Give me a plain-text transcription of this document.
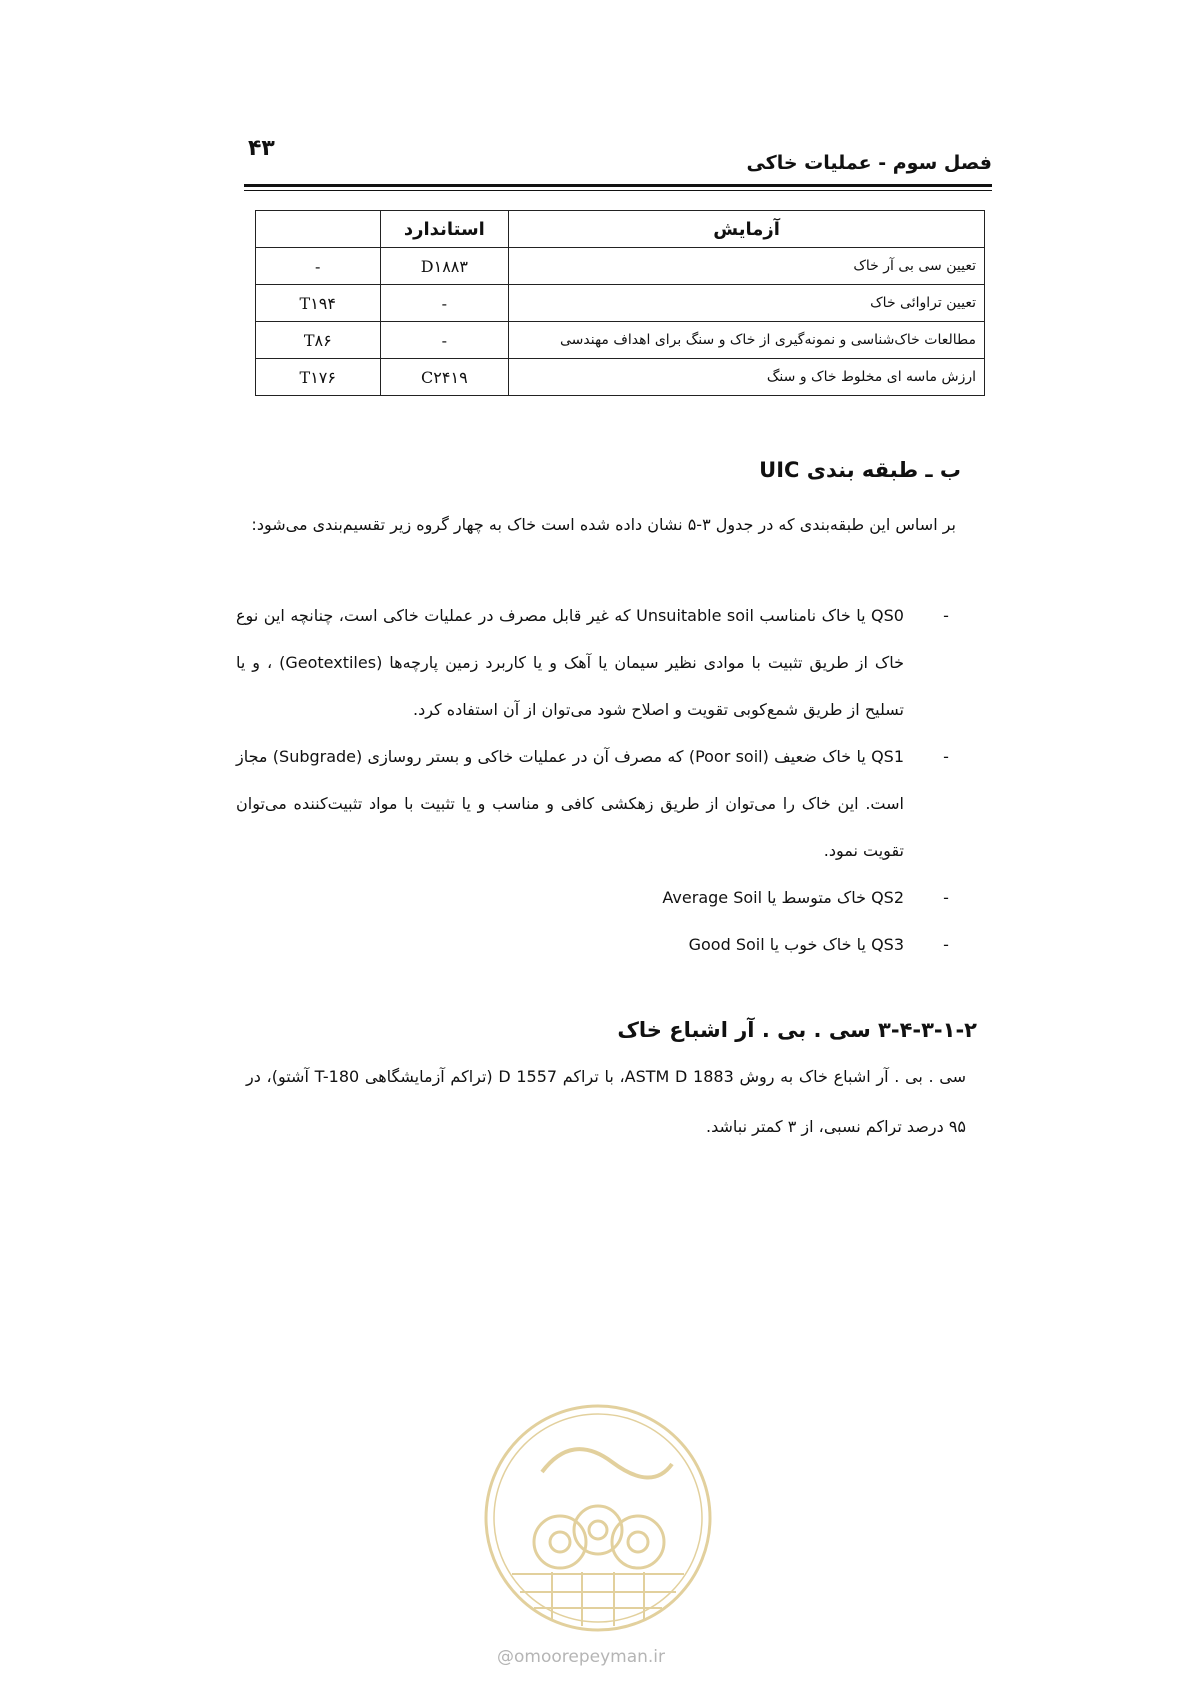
۴۳
فصل سوم - عملیات خاکی
آزمایش	استاندارد	
تعیین سی بی آر خاک	D۱۸۸۳	-
تعیین تراوائی خاک	-	T۱۹۴
مطالعات خاک‌شناسی و نمونه‌گیری از خاک و سنگ برای اهداف مهندسی	-	T۸۶
ارزش ماسه ای مخلوط خاک و سنگ	C۲۴۱۹	T۱۷۶
ب ـ طبقه بندی UIC

بر اساس این طبقه‌بندی که در جدول ۳-۵ نشان داده شده است خاک به چهار گروه زیر تقسیم‌بندی می‌شود:

-
QS0 یا خاک نامناسب Unsuitable soil که غیر قابل مصرف در عملیات خاکی است، چنانچه این نوع خاک از طریق تثبیت با موادی نظیر سیمان یا آهک و یا کاربرد زمین پارچه‌ها (Geotextiles) ، و یا تسلیح از طریق شمع‌کوبی تقویت و اصلاح شود می‌توان از آن استفاده کرد.
-
QS1 یا خاک ضعیف (Poor soil) که مصرف آن در عملیات خاکی و بستر روسازی (Subgrade) مجاز است. این خاک را می‌توان از طریق زهکشی کافی و مناسب و یا تثبیت با مواد تثبیت‌کننده می‌توان تقویت نمود.
-
QS2 خاک متوسط یا Average Soil
-
QS3 یا خاک خوب یا Good Soil
۳-۴-۳-۱-۲ سی . بی . آر اشباع خاک

سی . بی . آر اشباع خاک به روش ASTM D 1883، با تراکم D 1557 (تراکم آزمایشگاهی T-180 آشتو)، در ۹۵ درصد تراکم نسبی، از ۳ کمتر نباشد.

@omoorepeyman.ir
